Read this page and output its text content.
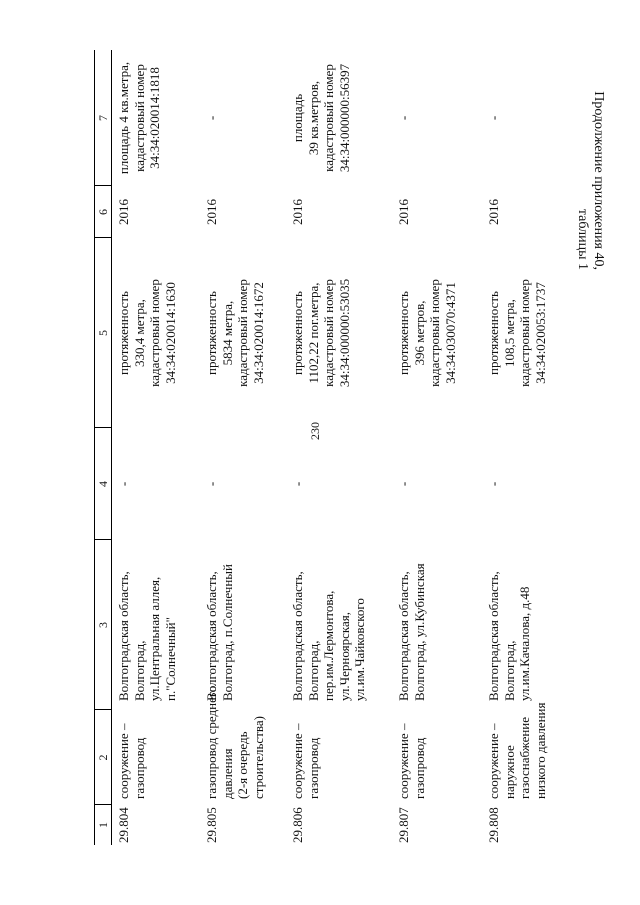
230
Продолжение приложения 40,
таблицы 1
1
2
3
4
5
6
7
29.804
сооружение – газопровод
Волгоградская область, Волгоград, ул.Центральная аллея, п."Солнечный"
-
протяженность 330,4 метра, кадастровый номер 34:34:020014:1630
2016
площадь 4 кв.метра, кадастровый номер 34:34:020014:1818
29.805
газопровод среднего давления (2-я очередь строительства)
Волгоградская область, Волгоград, п.Солнечный
-
протяженность 5834 метра, кадастровый номер 34:34:020014:1672
2016
-
29.806
сооружение – газопровод
Волгоградская область, Волгоград, пер.им.Лермонтова, ул.Черноярская, ул.им.Чайковского
-
протяженность 1102,22 пог.метра, кадастровый номер 34:34:000000:53035
2016
площадь 39 кв.метров, кадастровый номер 34:34:000000:56397
29.807
сооружение – газопровод
Волгоградская область, Волгоград, ул.Кубинская
-
протяженность 396 метров, кадастровый номер 34:34:030070:4371
2016
-
29.808
сооружение – наружное газоснабжение низкого давления
Волгоградская область, Волгоград, ул.им.Качалова, д.48
-
протяженность 108,5 метра, кадастровый номер 34:34:020053:1737
2016
-
